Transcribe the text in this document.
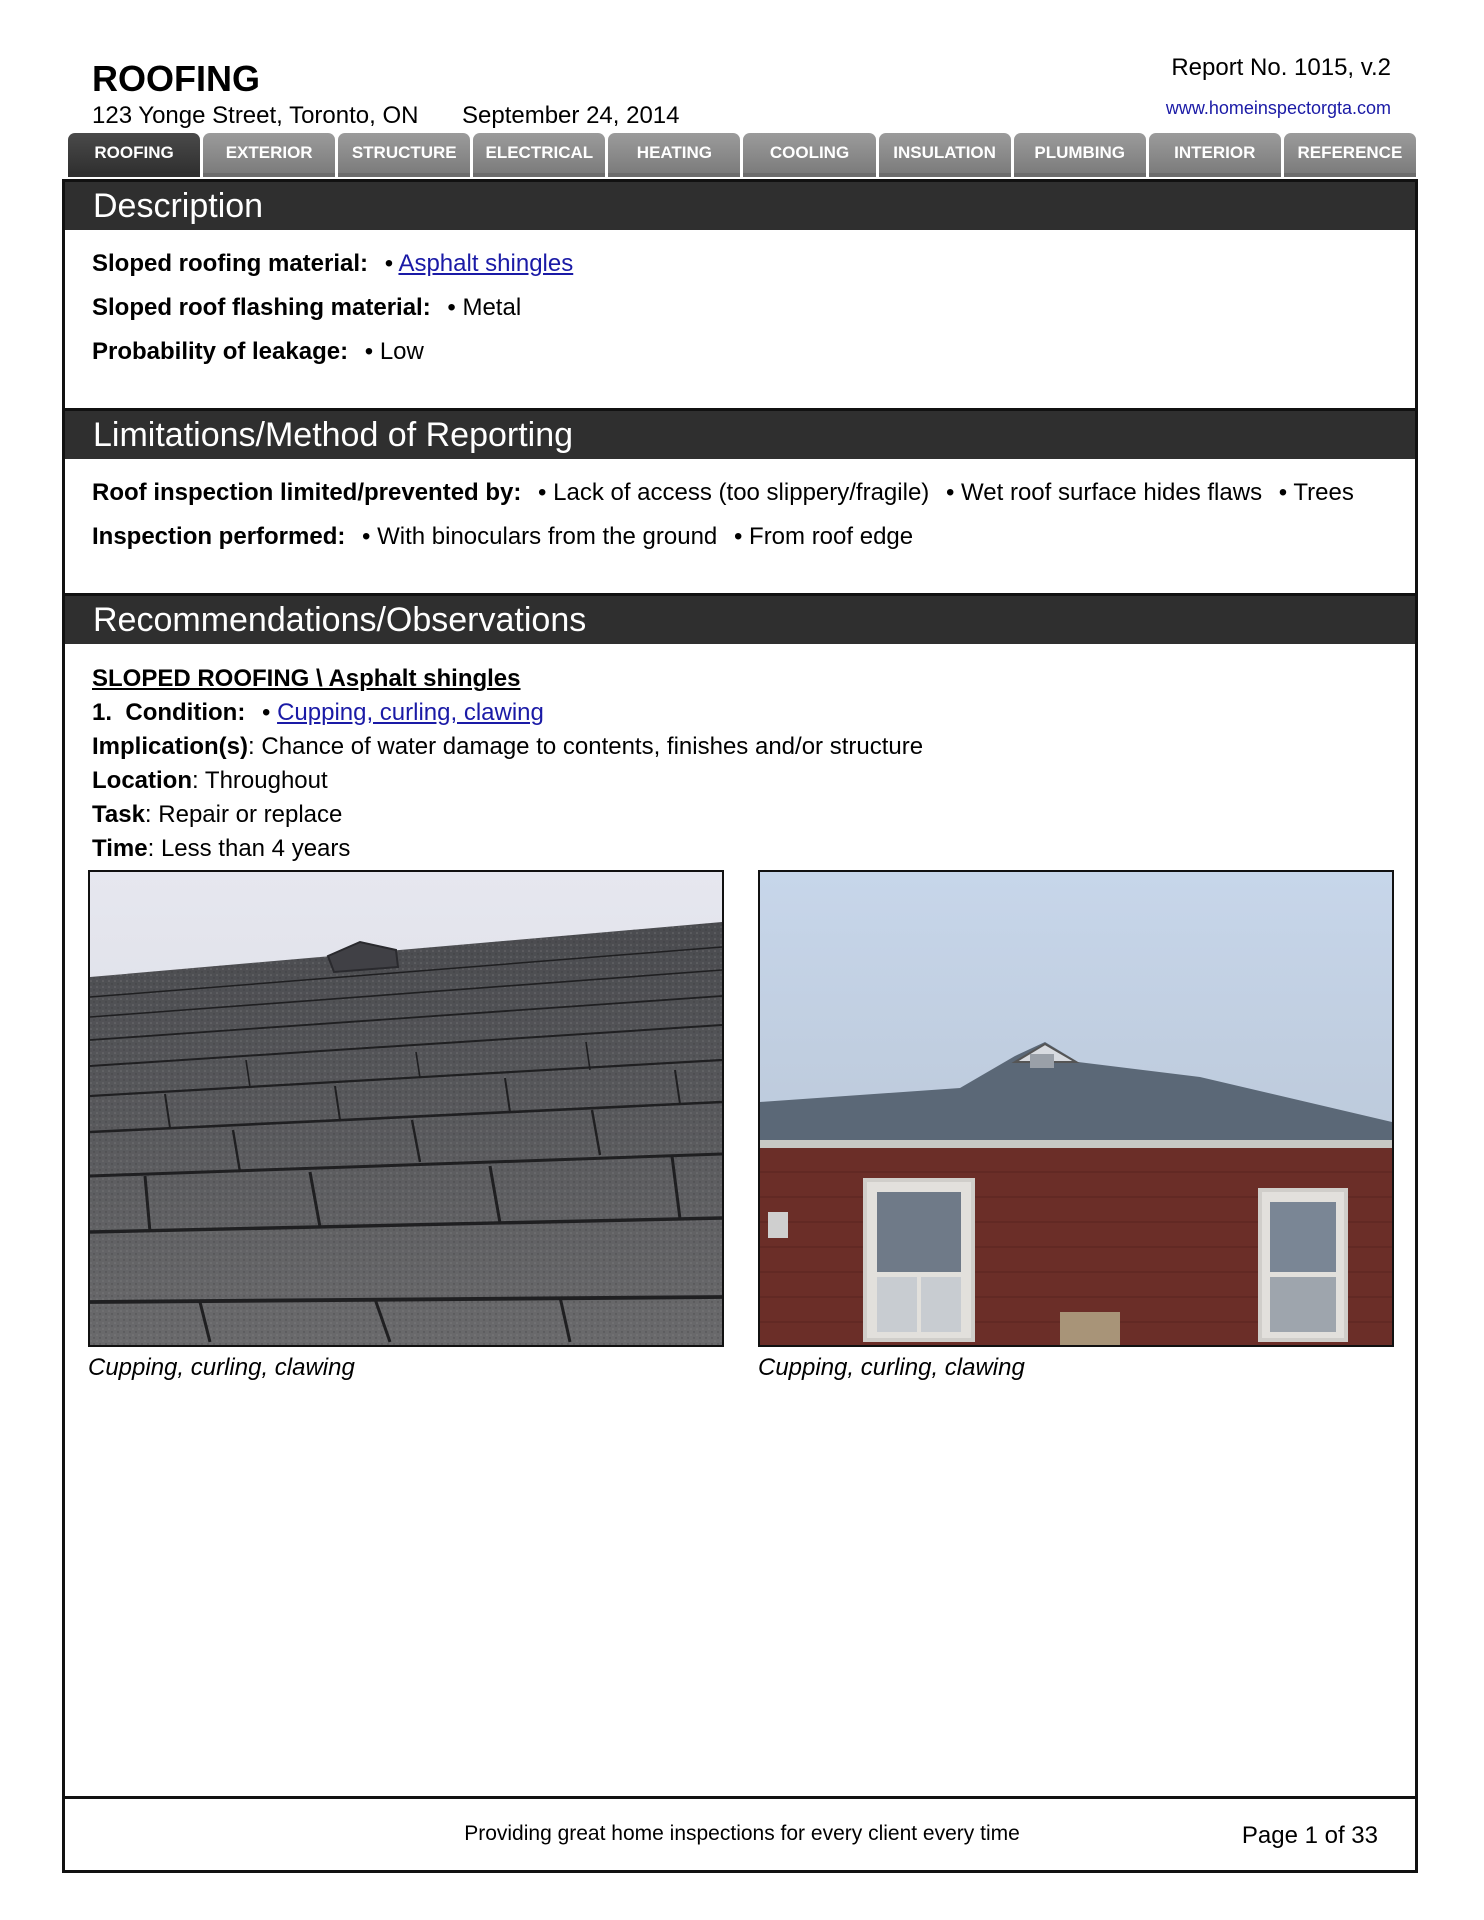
ROOFING
123 Yonge Street, Toronto, ON September 24, 2014
Report No. 1015, v.2
www.homeinspectorgta.com
ROOFING	EXTERIOR	STRUCTURE	ELECTRICAL	HEATING	COOLING	INSULATION	PLUMBING	INTERIOR	REFERENCE
Description
Sloped roofing material: • Asphalt shingles
Sloped roof flashing material: • Metal
Probability of leakage: • Low
Limitations/Method of Reporting
Roof inspection limited/prevented by: • Lack of access (too slippery/fragile) • Wet roof surface hides flaws • Trees
Inspection performed: • With binoculars from the ground • From roof edge
Recommendations/Observations
SLOPED ROOFING \ Asphalt shingles
1. Condition: • Cupping, curling, clawing
Implication(s): Chance of water damage to contents, finishes and/or structure
Location: Throughout
Task: Repair or replace
Time: Less than 4 years
Cupping, curling, clawing	Cupping, curling, clawing
Providing great home inspections for every client every time	Page 1 of 33
